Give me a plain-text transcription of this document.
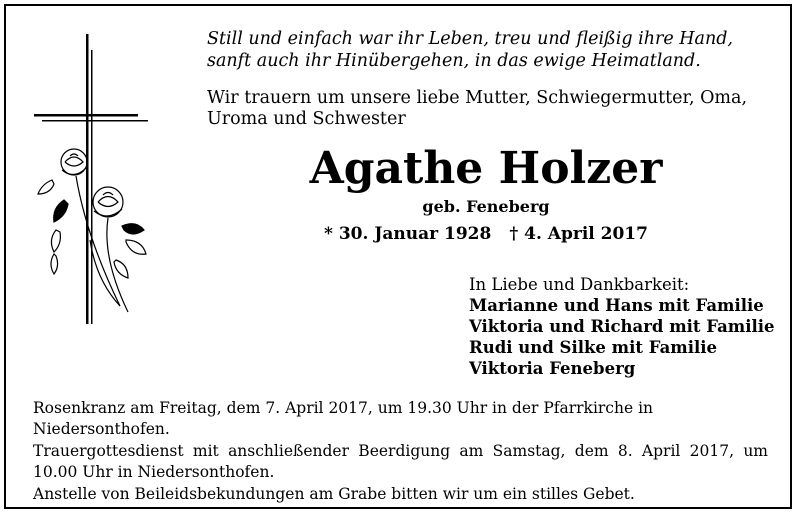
Still und einfach war ihr Leben, treu und fleißig ihre Hand,
sanft auch ihr Hinübergehen, in das ewige Heimatland.
Wir trauern um unsere liebe Mutter, Schwiegermutter, Oma,
Uroma und Schwester
Agathe Holzer
geb. Feneberg
* 30. Januar 1928 † 4. April 2017
In Liebe und Dankbarkeit:
Marianne und Hans mit Familie
Viktoria und Richard mit Familie
Rudi und Silke mit Familie
Viktoria Feneberg

Rosenkranz am Freitag, dem 7. April 2017, um 19.30 Uhr in der Pfarrkirche in Niedersonthofen.

Trauergottesdienst mit anschließender Beerdigung am Samstag, dem 8. April 2017, um 10.00 Uhr in Niedersonthofen.

Anstelle von Beileidsbekundungen am Grabe bitten wir um ein stilles Gebet.
